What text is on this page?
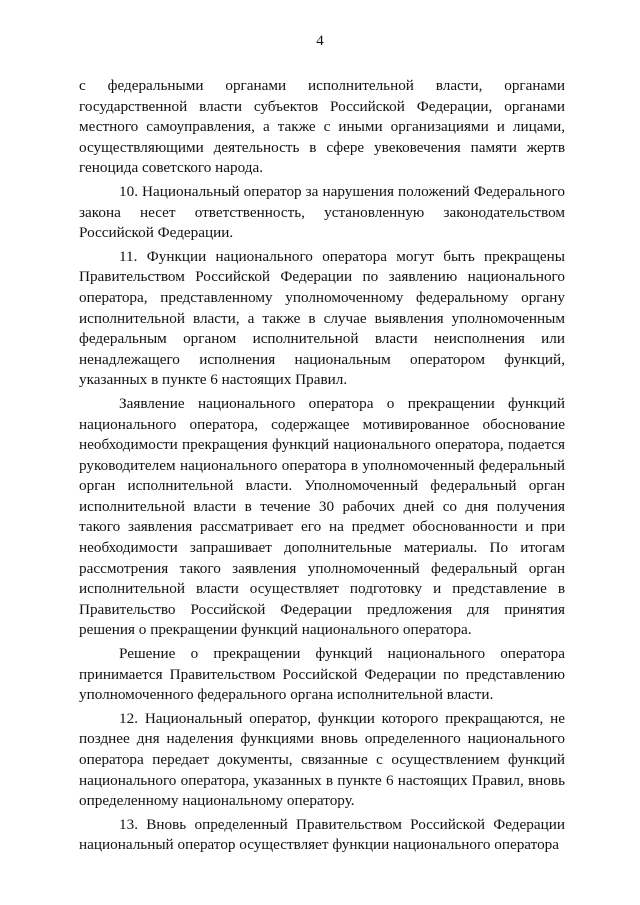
4

с федеральными органами исполнительной власти, органами государственной власти субъектов Российской Федерации, органами местного самоуправления, а также с иными организациями и лицами, осуществляющими деятельность в сфере увековечения памяти жертв геноцида советского народа.

10. Национальный оператор за нарушения положений Федерального закона несет ответственность, установленную законодательством Российской Федерации.

11. Функции национального оператора могут быть прекращены Правительством Российской Федерации по заявлению национального оператора, представленному уполномоченному федеральному органу исполнительной власти, а также в случае выявления уполномоченным федеральным органом исполнительной власти неисполнения или ненадлежащего исполнения национальным оператором функций, указанных в пункте 6 настоящих Правил.

Заявление национального оператора о прекращении функций национального оператора, содержащее мотивированное обоснование необходимости прекращения функций национального оператора, подается руководителем национального оператора в уполномоченный федеральный орган исполнительной власти. Уполномоченный федеральный орган исполнительной власти в течение 30 рабочих дней со дня получения такого заявления рассматривает его на предмет обоснованности и при необходимости запрашивает дополнительные материалы. По итогам рассмотрения такого заявления уполномоченный федеральный орган исполнительной власти осуществляет подготовку и представление в Правительство Российской Федерации предложения для принятия решения о прекращении функций национального оператора.

Решение о прекращении функций национального оператора принимается Правительством Российской Федерации по представлению уполномоченного федерального органа исполнительной власти.

12. Национальный оператор, функции которого прекращаются, не позднее дня наделения функциями вновь определенного национального оператора передает документы, связанные с осуществлением функций национального оператора, указанных в пункте 6 настоящих Правил, вновь определенному национальному оператору.

13. Вновь определенный Правительством Российской Федерации национальный оператор осуществляет функции национального оператора
